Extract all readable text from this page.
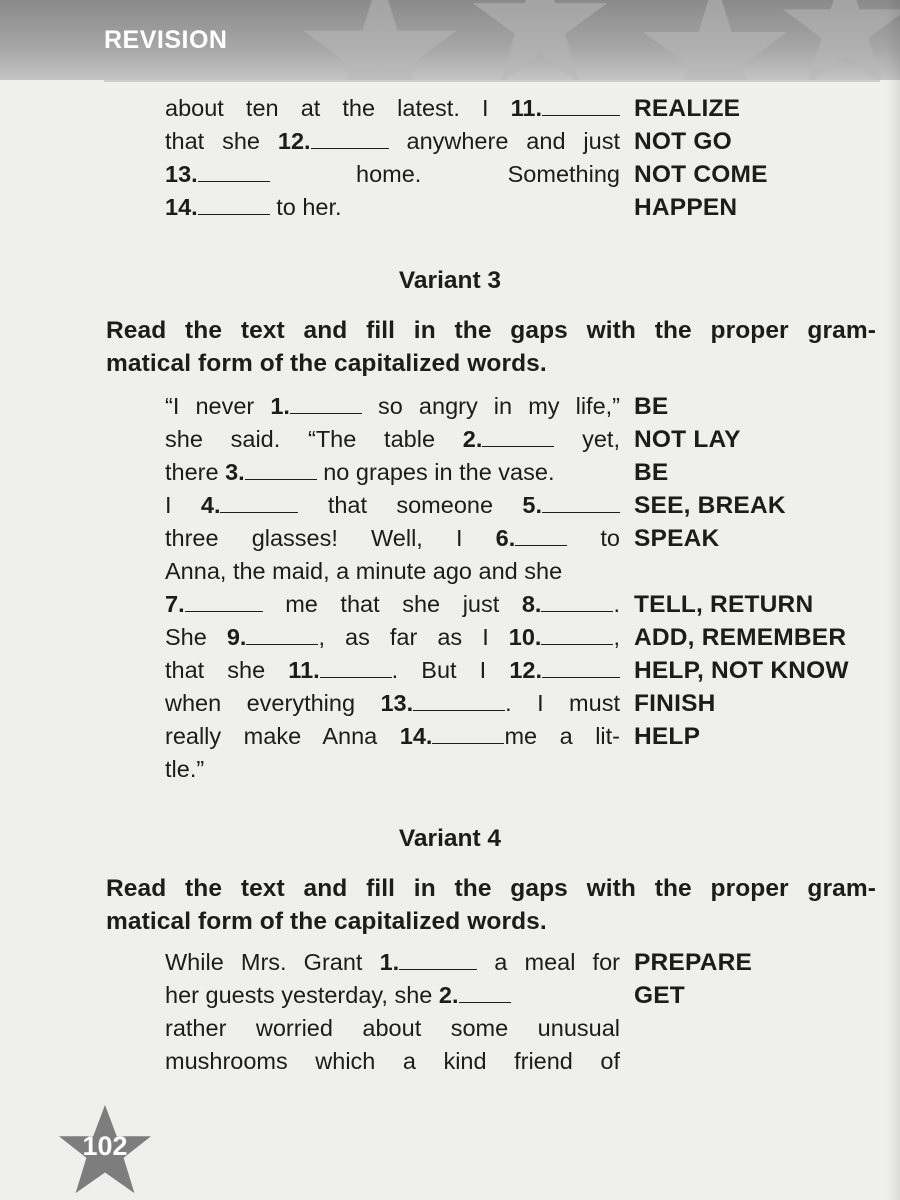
REVISION
about ten at the latest. I 11.	REALIZE
that she 12.	anywhere and just NOT GO
13.	home. Something NOT COME
14.	to her.	HAPPEN
Variant 3
Read the text and fill in the gaps with the proper gram-
matical form of the capitalized words.
“I never 1.	so angry in my life,” BE
she said. “The table 2.	yet, NOT LAY
there 3.	no grapes in the vase.	BE
I 4.	that someone 5.	SEE, BREAK
three glasses! Well, I 6. to SPEAK
Anna, the maid, a minute ago and she
7.	me that she just 8.	. TELL, RETURN
She 9.	, as far as I 10.	, ADD, REMEMBER
that she 11.	. But I 12.	HELP, NOT KNOW
when everything 13.	. I must FINISH
really make Anna 14.	me a lit- HELP
tle.”
Variant 4
Read the text and fill in the gaps with the proper gram-
matical form of the capitalized words.
While Mrs. Grant 1.	a meal for PREPARE
her guests yesterday, she 2.	GET
rather worried about some unusual
mushrooms which a kind friend of
102
